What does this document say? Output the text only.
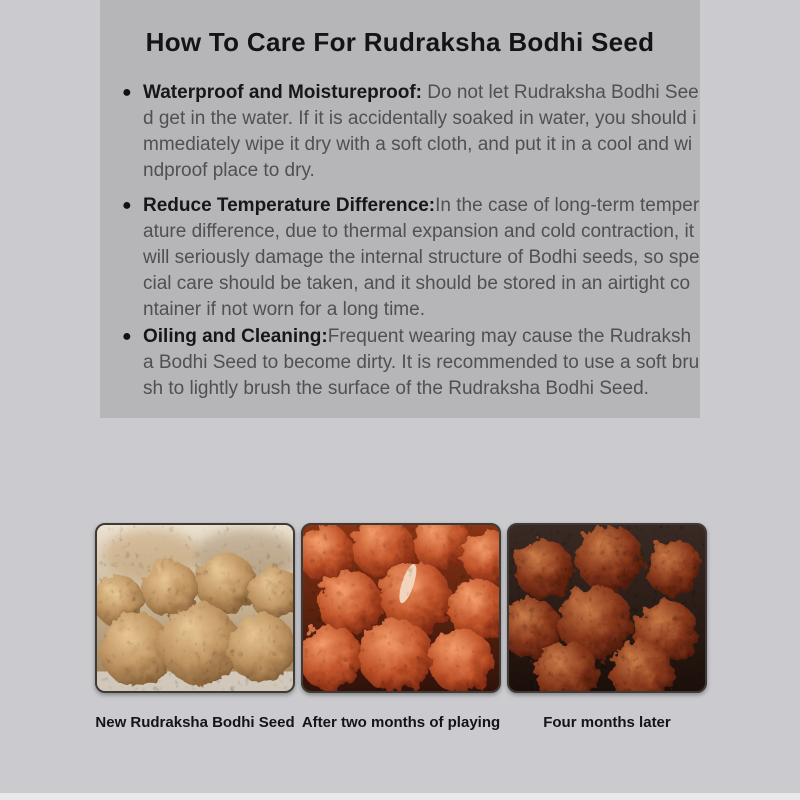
How To Care For Rudraksha Bodhi Seed
● Waterproof and Moistureproof: Do not let Rudraksha Bodhi Seed get in the water. If it is accidentally soaked in water, you should immediately wipe it dry with a soft cloth, and put it in a cool and windproof place to dry.
● Reduce Temperature Difference:In the case of long-term temperature difference, due to thermal expansion and cold contraction, it will seriously damage the internal structure of Bodhi seeds, so special care should be taken, and it should be stored in an airtight container if not worn for a long time.
● Oiling and Cleaning:Frequent wearing may cause the Rudraksha Bodhi Seed to become dirty. It is recommended to use a soft brush to lightly brush the surface of the Rudraksha Bodhi Seed.
New Rudraksha Bodhi Seed After two months of playing	Four months later
